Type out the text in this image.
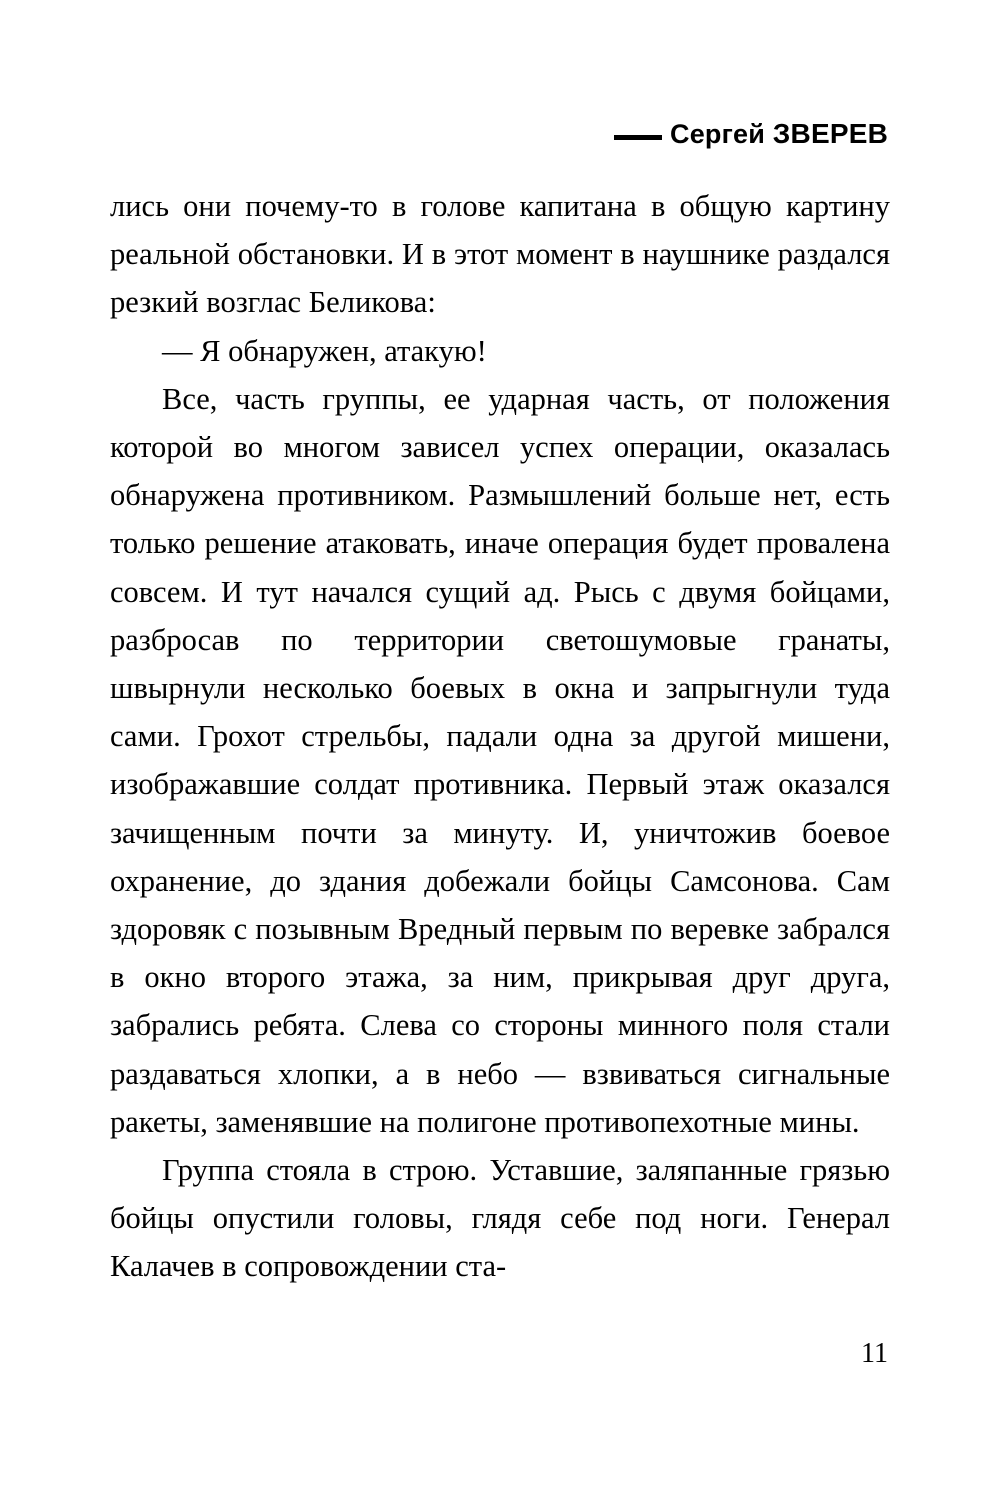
Сергей ЗВЕРЕВ

лись они почему-то в голове капитана в общую картину реальной обстановки. И в этот момент в наушнике раздался резкий возглас Беликова:

— Я обнаружен, атакую!

Все, часть группы, ее ударная часть, от положения которой во многом зависел успех операции, оказалась обнаружена противником. Размышлений больше нет, есть только решение атаковать, иначе операция будет провалена совсем. И тут начался сущий ад. Рысь с двумя бойцами, разбросав по территории светошумовые гранаты, швырнули несколько боевых в окна и запрыгнули туда сами. Грохот стрельбы, падали одна за другой мишени, изображавшие солдат противника. Первый этаж оказался зачищенным почти за минуту. И, уничтожив боевое охранение, до здания добежали бойцы Самсонова. Сам здоровяк с позывным Вредный первым по веревке забрался в окно второго этажа, за ним, прикрывая друг друга, забрались ребята. Слева со стороны минного поля стали раздаваться хлопки, а в небо — взвиваться сигнальные ракеты, заменявшие на полигоне противопехотные мины.

Группа стояла в строю. Уставшие, заляпанные грязью бойцы опустили головы, глядя себе под ноги. Генерал Калачев в сопровождении ста-

11
